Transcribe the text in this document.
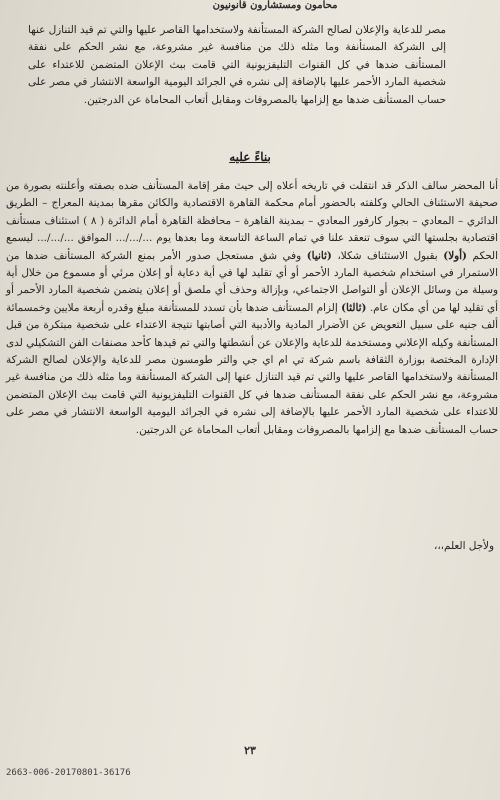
محامون ومستشارون قانونيون

مصر للدعاية والإعلان لصالح الشركة المستأنفة ولاستخدامها القاصر عليها والتي تم قيد التنازل عنها إلى الشركة المستأنفة وما مثله ذلك من منافسة غير مشروعة، مع نشر الحكم على نفقة المستأنف ضدها في كل القنوات التليفزيونية التي قامت ببث الإعلان المتضمن للاعتداء على شخصية المارد الأحمر عليها بالإضافة إلى نشره في الجرائد اليومية الواسعة الانتشار في مصر على حساب المستأنف ضدها مع إلزامها بالمصروفات ومقابل أتعاب المحاماة عن الدرجتين.

بناءً عليه

أنا المحضر سالف الذكر قد انتقلت في تاريخه أعلاه إلى حيث مقر إقامة المستأنف ضده بصفته وأعلنته بصورة من صحيفة الاستئناف الحالي وكلفته بالحضور أمام محكمة القاهرة الاقتصادية والكائن مقرها بمدينة المعراج – الطريق الدائري – المعادي – بجوار كارفور المعادي – بمدينة القاهرة – محافظة القاهرة أمام الدائرة ( ٨ ) استئناف مستأنف اقتصادية بجلستها التي سوف تنعقد علنا في تمام الساعة التاسعة وما بعدها يوم .../.../... الموافق .../.../... ليسمع الحكم (أولا) بقبول الاستئناف شكلا، (ثانيا) وفي شق مستعجل صدور الأمر بمنع الشركة المستأنف ضدها من الاستمرار في استخدام شخصية المارد الأحمر أو أي تقليد لها في أية دعاية أو إعلان مرئي أو مسموع من خلال أية وسيلة من وسائل الإعلان أو التواصل الاجتماعي، وبإزالة وحذف أي ملصق أو إعلان يتضمن شخصية المارد الأحمر أو أي تقليد لها من أي مكان عام. (ثالثا) إلزام المستأنف ضدها بأن تسدد للمستأنفة مبلغ وقدره أربعة ملايين وخمسمائة ألف جنيه على سبيل التعويض عن الأضرار المادية والأدبية التي أصابتها نتيجة الاعتداء على شخصية مبتكرة من قبل المستأنفة وكيله الإعلاني ومستخدمة للدعاية والإعلان عن أنشطتها والتي تم قيدها كأحد مصنفات الفن التشكيلي لدى الإدارة المختصة بوزارة الثقافة باسم شركة تي ام اي جي والتر طومسون مصر للدعاية والإعلان لصالح الشركة المستأنفة ولاستخدامها القاصر عليها والتي تم قيد التنازل عنها إلى الشركة المستأنفة وما مثله ذلك من منافسة غير مشروعة، مع نشر الحكم على نفقة المستأنف ضدها في كل القنوات التليفزيونية التي قامت ببث الإعلان المتضمن للاعتداء على شخصية المارد الأحمر عليها بالإضافة إلى نشره في الجرائد اليومية الواسعة الانتشار في مصر على حساب المستأنف ضدها مع إلزامها بالمصروفات ومقابل أتعاب المحاماة عن الدرجتين.

ولأجل العلم،،،
٢٣
2663-006-20170801-36176
